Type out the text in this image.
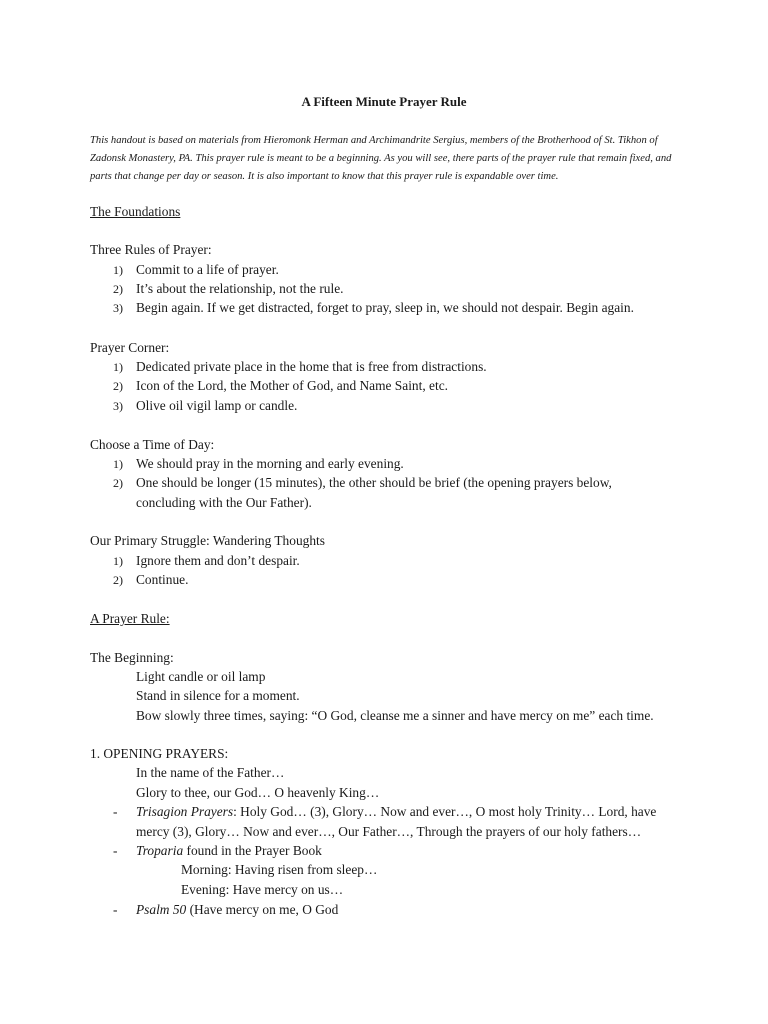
A Fifteen Minute Prayer Rule
This handout is based on materials from Hieromonk Herman and Archimandrite Sergius, members of the Brotherhood of St. Tikhon of Zadonsk Monastery, PA. This prayer rule is meant to be a beginning. As you will see, there parts of the prayer rule that remain fixed, and parts that change per day or season. It is also important to know that this prayer rule is expandable over time.
The Foundations
Three Rules of Prayer:
1) Commit to a life of prayer.
2) It’s about the relationship, not the rule.
3) Begin again. If we get distracted, forget to pray, sleep in, we should not despair. Begin again.
Prayer Corner:
1) Dedicated private place in the home that is free from distractions.
2) Icon of the Lord, the Mother of God, and Name Saint, etc.
3) Olive oil vigil lamp or candle.
Choose a Time of Day:
1) We should pray in the morning and early evening.
2) One should be longer (15 minutes), the other should be brief (the opening prayers below,
concluding with the Our Father).
Our Primary Struggle: Wandering Thoughts
1) Ignore them and don’t despair.
2) Continue.
A Prayer Rule:
The Beginning:
Light candle or oil lamp
Stand in silence for a moment.
Bow slowly three times, saying: “O God, cleanse me a sinner and have mercy on me” each time.
1. OPENING PRAYERS:
In the name of the Father…
Glory to thee, our God… O heavenly King…
- Trisagion Prayers: Holy God… (3), Glory… Now and ever…, O most holy Trinity… Lord, have
mercy (3), Glory… Now and ever…, Our Father…, Through the prayers of our holy fathers…
- Troparia found in the Prayer Book
Morning: Having risen from sleep…
Evening: Have mercy on us…
- Psalm 50 (Have mercy on me, O God
